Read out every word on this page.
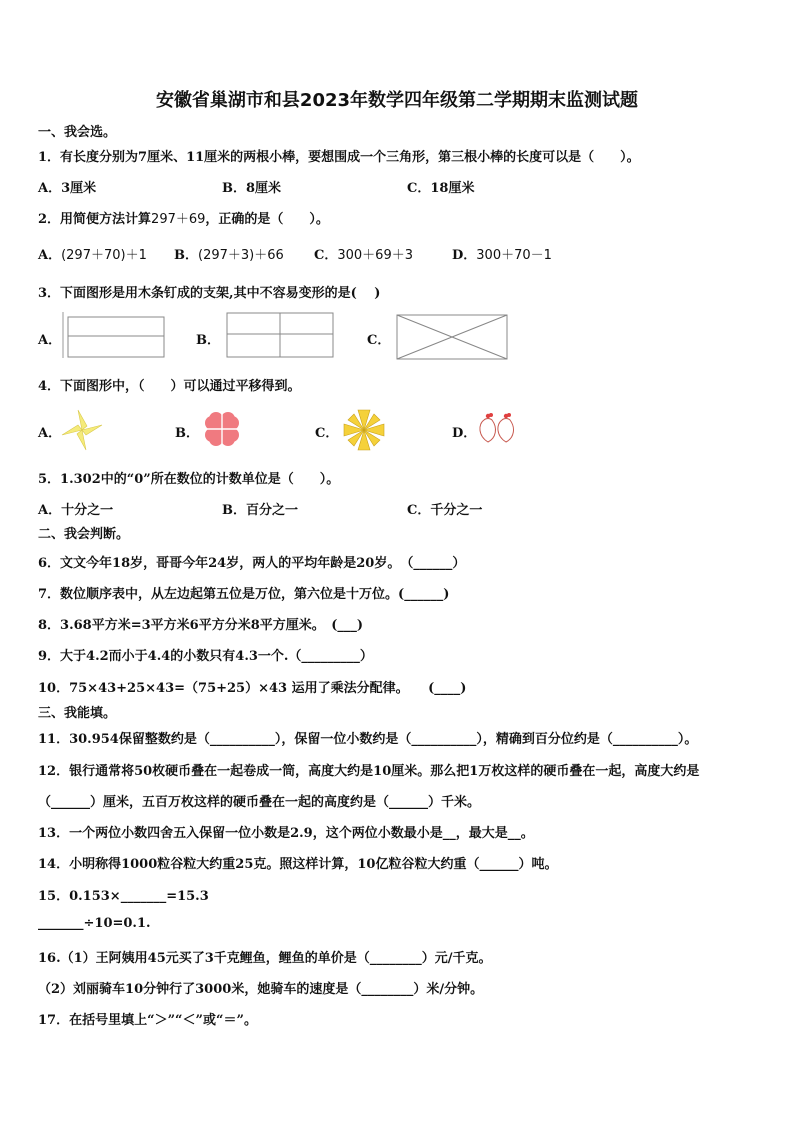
安徽省巢湖市和县2023年数学四年级第二学期期末监测试题
一、我会选。
1．有长度分别为7厘米、11厘米的两根小棒，要想围成一个三角形，第三根小棒的长度可以是（　　）。
A．3厘米	B．8厘米	C．18厘米
2．用简便方法计算297＋69，正确的是（　　）。
A．(297＋70)＋1 B．(297＋3)＋66 C．300＋69＋3	D．300＋70－1
3．下面图形是用木条钉成的支架,其中不容易变形的是(　 )
A．	B．	C．
4．下面图形中，（　　）可以通过平移得到。
A．	B．	C．	D．
5．1.302中的“0”所在数位的计数单位是（　　）。
A．十分之一	B．百分之一	C．千分之一
二、我会判断。
6．文文今年18岁，哥哥今年24岁，两人的平均年龄是20岁。　（______）
7．数位顺序表中，从左边起第五位是万位，第六位是十万位。(______)
8．3.68平方米=3平方米6平方分米8平方厘米。　(___)
9．大于4.2而小于4.4的小数只有4.3一个.（_________）
10．75×43+25×43=（75+25）×43 运用了乘法分配律。　　(____)
三、我能填。
11．30.954保留整数约是（__________），保留一位小数约是（__________），精确到百分位约是（__________）。
12．银行通常将50枚硬币叠在一起卷成一筒，高度大约是10厘米。那么把1万枚这样的硬币叠在一起，高度大约是
（______）厘米，五百万枚这样的硬币叠在一起的高度约是（______）千米。
13．一个两位小数四舍五入保留一位小数是2.9，这个两位小数最小是__，最大是__。
14．小明称得1000粒谷粒大约重25克。照这样计算，10亿粒谷粒大约重（______）吨。
15．0.153×_______=15.3
_______÷10=0.1.
16.（1）王阿姨用45元买了3千克鲤鱼，鲤鱼的单价是（________）元/千克。
（2）刘丽骑车10分钟行了3000米，她骑车的速度是（________）米/分钟。
17．在括号里填上“＞”“＜”或“＝”。
